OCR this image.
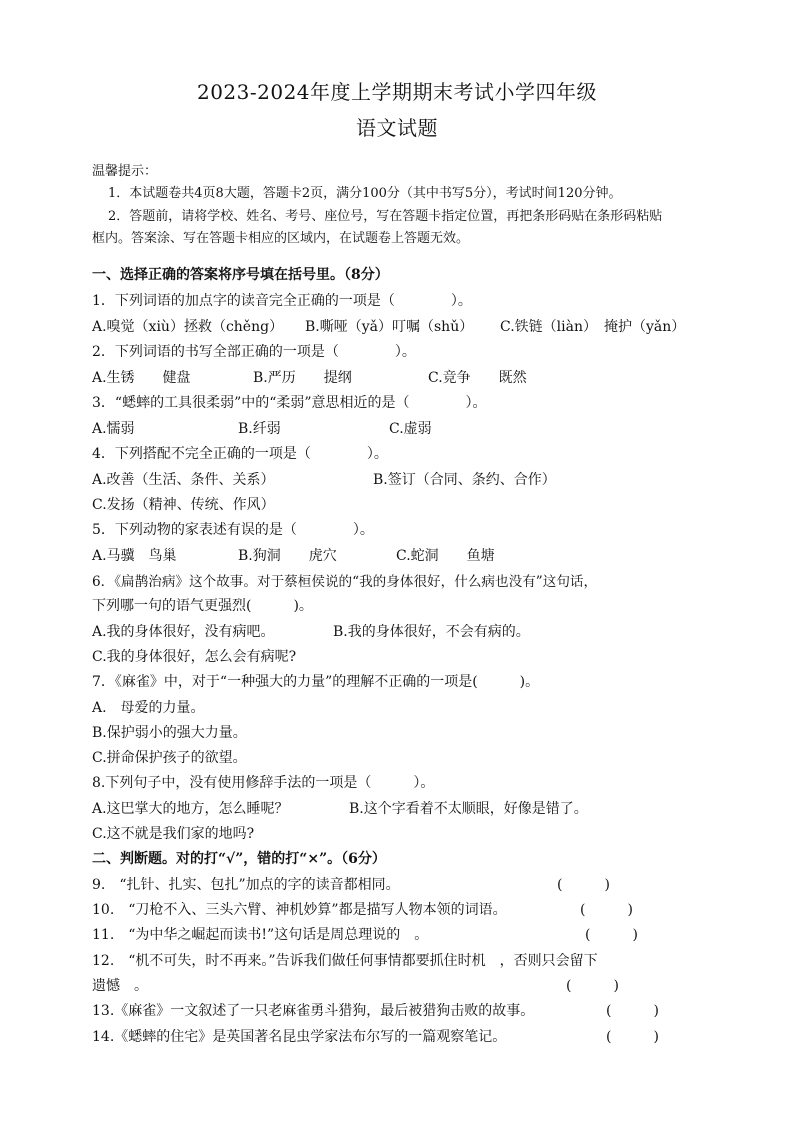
2023-2024年度上学期期末考试小学四年级
语文试题
温馨提示：
1．本试题卷共4页8大题，答题卡2页，满分100分（其中书写5分），考试时间120分钟。
2．答题前，请将学校、姓名、考号、座位号，写在答题卡指定位置，再把条形码贴在条形码粘贴
框内。答案涂、写在答题卡相应的区域内，在试题卷上答题无效。
一、选择正确的答案将序号填在括号里。（8分）
1．下列词语的加点字的读音完全正确的一项是（　　　　）。
A.嗅觉（xiù）拯救（chěng） B.嘶哑（yǎ）叮嘱（shǔ） C.铁链（liàn）　掩护（yǎn）
2．下列词语的书写全部正确的一项是（　　　　）。
A.生锈　　健盘	B.严历　　提纲	C.竞争　　既然
3．“蟋蟀的工具很柔弱”中的“柔弱”意思相近的是（　　　　）。
A.懦弱	B.纤弱	C.虚弱
4．下列搭配不完全正确的一项是（　　　　）。
A.改善（生活、条件、关系）	B.签订（合同、条约、合作）
C.发扬（精神、传统、作风）
5．下列动物的家表述有误的是（　　　　）。
A.马骥　鸟巢	B.狗洞　　虎穴	C.蛇洞　　鱼塘
6．《扁鹊治病》这个故事。对于蔡桓侯说的“我的身体很好，什么病也没有”这句话，
下列哪一句的语气更强烈(　　　)。
A.我的身体很好，没有病吧。	B.我的身体很好，不会有病的。
C.我的身体很好，怎么会有病呢?
7．《麻雀》中，对于“一种强大的力量”的理解不正确的一项是(　　　)。
A.　母爱的力量。
B.保护弱小的强大力量。
C.拼命保护孩子的欲望。
8.下列句子中，没有使用修辞手法的一项是（　　　）。
A.这巴掌大的地方，怎么睡呢？	B.这个字看着不太顺眼，好像是错了。
C.这不就是我们家的地吗?
二、判断题。对的打“√”，错的打“×”。（6分）
9.　“扎针、扎实、包扎”加点的字的读音都相同。	(　　　)
10.　“刀枪不入、三头六臂、神机妙算”都是描写人物本领的词语。	(　　　)
11.　“为中华之崛起而读书!”这句话是周总理说的　。	(　　　)
12.　“机不可失，时不再来。”告诉我们做任何事情都要抓住时机　，否则只会留下
遗憾　。	(　　　)
13.《麻雀》一文叙述了一只老麻雀勇斗猎狗，最后被猎狗击败的故事。	(　　　)
14.《蟋蟀的住宅》是英国著名昆虫学家法布尔写的一篇观察笔记。	(　　　)
